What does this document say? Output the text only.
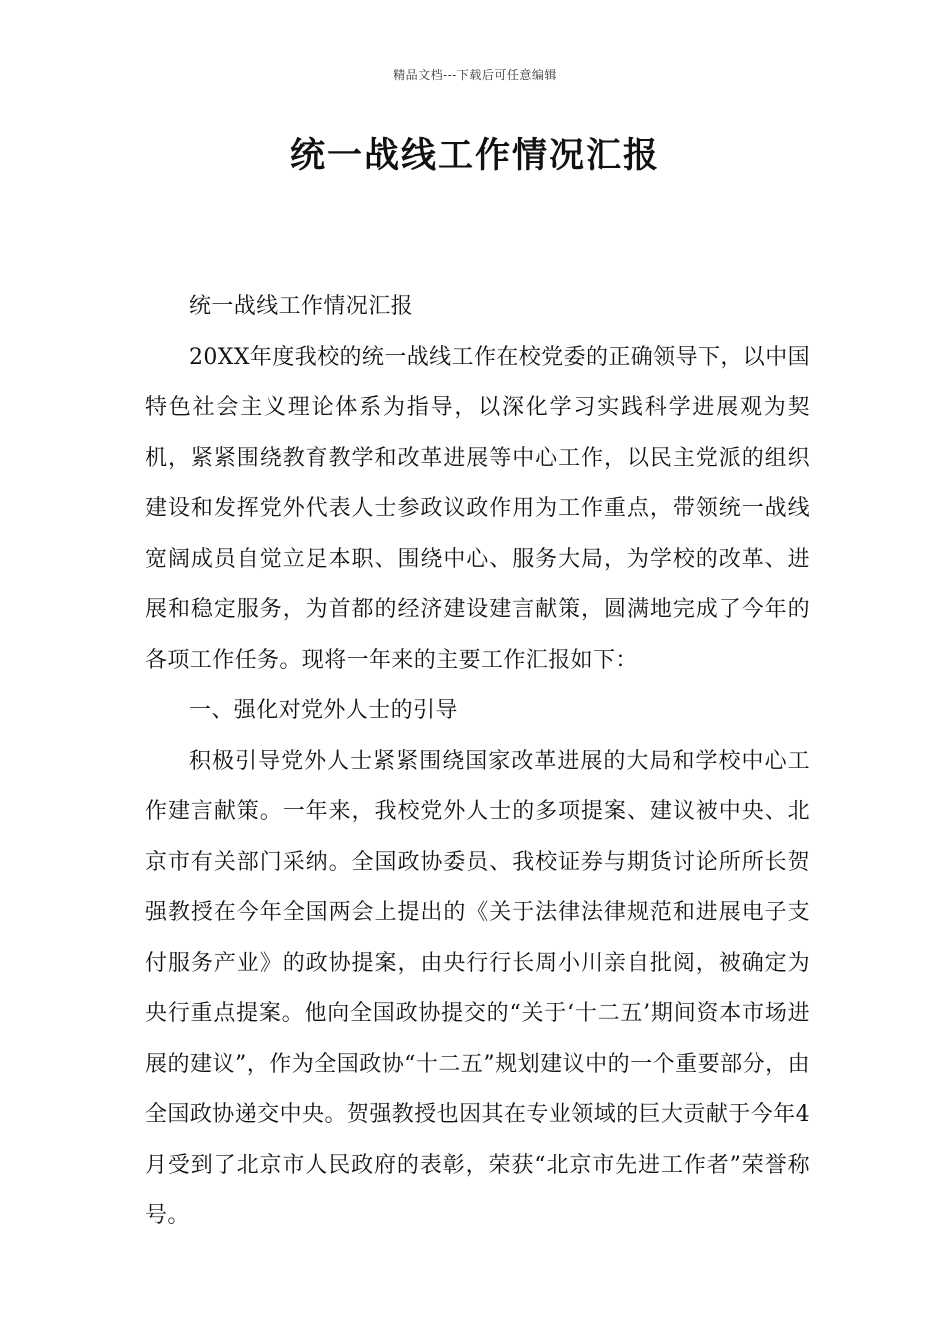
精品文档---下载后可任意编辑
统一战线工作情况汇报

统一战线工作情况汇报

20XX年度我校的统一战线工作在校党委的正确领导下，以中国特色社会主义理论体系为指导，以深化学习实践科学进展观为契机，紧紧围绕教育教学和改革进展等中心工作，以民主党派的组织建设和发挥党外代表人士参政议政作用为工作重点，带领统一战线宽阔成员自觉立足本职、围绕中心、服务大局，为学校的改革、进展和稳定服务，为首都的经济建设建言献策，圆满地完成了今年的各项工作任务。现将一年来的主要工作汇报如下：

一、强化对党外人士的引导

积极引导党外人士紧紧围绕国家改革进展的大局和学校中心工作建言献策。一年来，我校党外人士的多项提案、建议被中央、北京市有关部门采纳。全国政协委员、我校证券与期货讨论所所长贺强教授在今年全国两会上提出的《关于法律法律规范和进展电子支付服务产业》的政协提案，由央行行长周小川亲自批阅，被确定为央行重点提案。他向全国政协提交的“关于‘十二五’期间资本市场进展的建议”，作为全国政协“十二五”规划建议中的一个重要部分，由全国政协递交中央。贺强教授也因其在专业领域的巨大贡献于今年4月受到了北京市人民政府的表彰，荣获“北京市先进工作者”荣誉称号。
